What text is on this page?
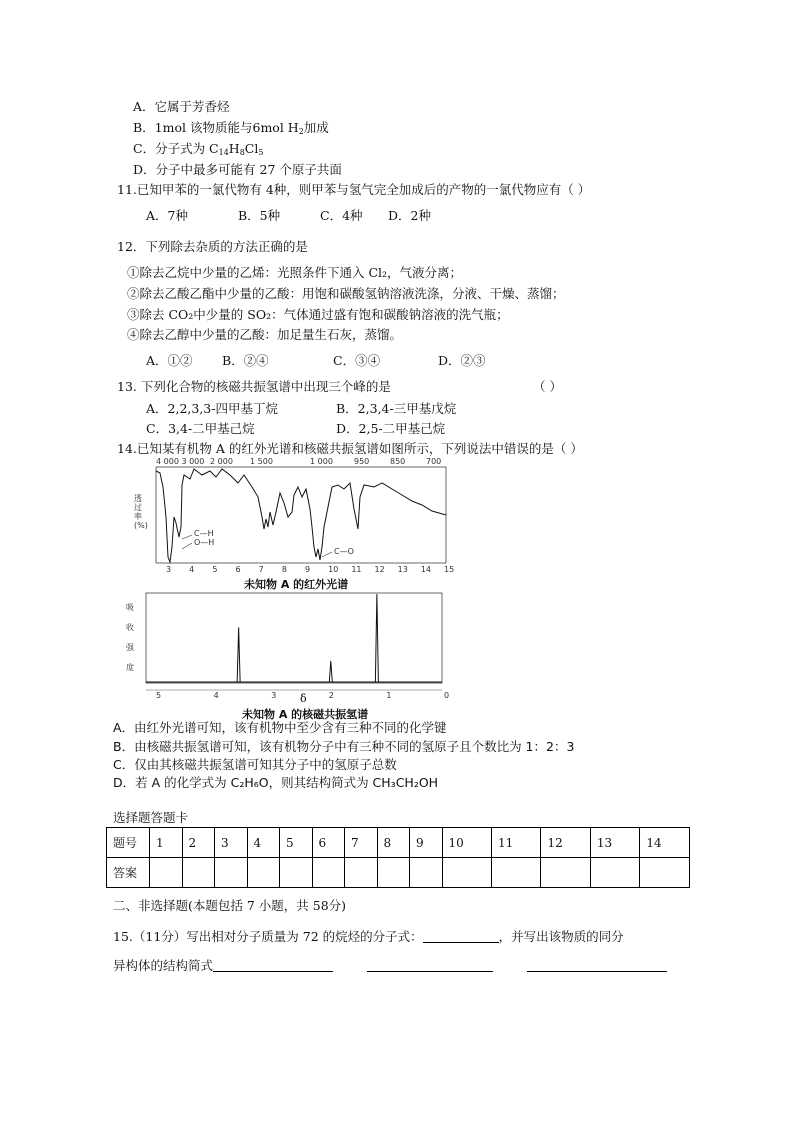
A．它属于芳香烃
B．1mol 该物质能与6mol $H_2$加成
C．分子式为 $C_{14}H_8Cl_5$
D．分子中最多可能有 27 个原子共面
11.已知甲苯的一氯代物有 4种，则甲苯与氢气完全加成后的产物的一氯代物应有（ ）
A．7种	B．5种	C．4种 D．2种
12．下列除去杂质的方法正确的是
①除去乙烷中少量的乙烯：光照条件下通入 Cl₂，气液分离；
②除去乙酸乙酯中少量的乙酸：用饱和碳酸氢钠溶液洗涤，分液、干燥、蒸馏；
③除去 CO₂中少量的 SO₂：气体通过盛有饱和碳酸钠溶液的洗气瓶；
④除去乙醇中少量的乙酸：加足量生石灰，蒸馏。
A．①② B．②④	C．③④	D．②③
13. 下列化合物的核磁共振氢谱中出现三个峰的是	（ ）
A．2,2,3,3-四甲基丁烷	B．2,3,4-三甲基戊烷
C．3,4-二甲基己烷	D．2,5-二甲基己烷
14.已知某有机物 A 的红外光谱和核磁共振氢谱如图所示，下列说法中错误的是（ ）
4 000 3 000 2 000 1 500	1 000	950	850	700
透
过
率
(%)
3 4 5 6 7 8 9 10 11 12 13 14 15
C—H
O—H
C—O
未知物 A 的红外光谱
吸
收
强
度
5	4	3	2	1	0
δ
未知物 A 的核磁共振氢谱
A．由红外光谱可知，该有机物中至少含有三种不同的化学键
B．由核磁共振氢谱可知，该有机物分子中有三种不同的氢原子且个数比为 1：2：3
C．仅由其核磁共振氢谱可知其分子中的氢原子总数
D．若 A 的化学式为 C₂H₆O，则其结构简式为 CH₃CH₂OH
选择题答题卡
题号	1	2	3	4	5	6	7	8	9	10	11	12	13	14
答案														
二、非选择题(本题包括 7 小题，共 58分)
15.（11分）写出相对分子质量为 72 的烷烃的分子式：	，并写出该物质的同分
异构体的结构简式
